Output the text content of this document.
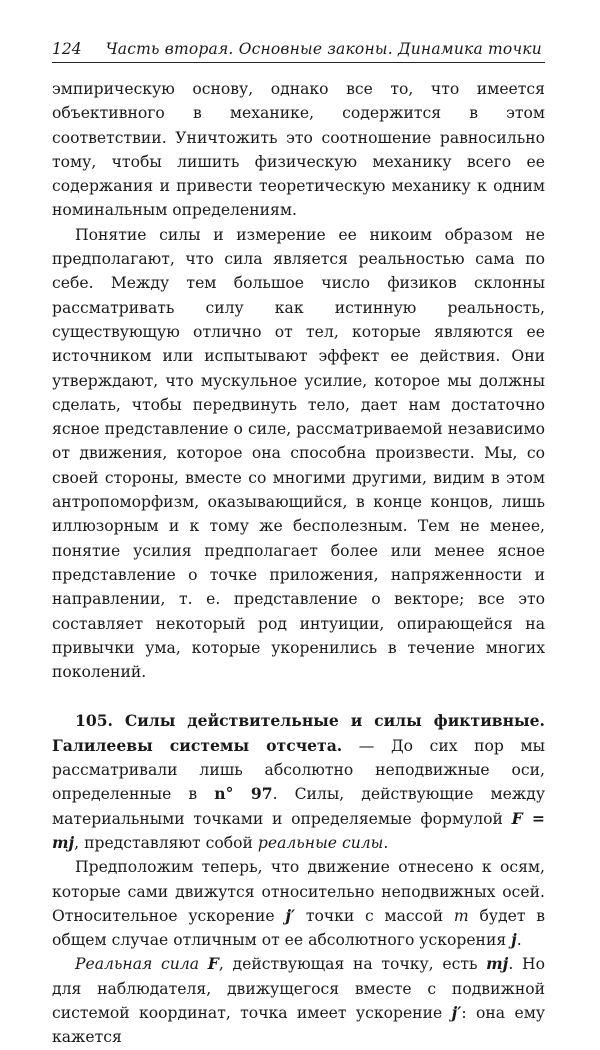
124 Часть вторая. Основные законы. Динамика точки

эмпирическую основу, однако все то, что имеется объективного в механике, содержится в этом соответствии. Уничтожить это соотношение равносильно тому, чтобы лишить физическую механику всего ее содержания и привести теоретическую механику к одним номинальным определениям.

Понятие силы и измерение ее никоим образом не предполагают, что сила является реальностью сама по себе. Между тем большое число физиков склонны рассматривать силу как истинную реальность, существующую отлично от тел, которые являются ее источником или испытывают эффект ее действия. Они утверждают, что мускульное усилие, которое мы должны сделать, чтобы передвинуть тело, дает нам достаточно ясное представление о силе, рассматриваемой независимо от движения, которое она способна произвести. Мы, со своей стороны, вместе со многими другими, видим в этом антропоморфизм, оказывающийся, в конце концов, лишь иллюзорным и к тому же бесполезным. Тем не менее, понятие усилия предполагает более или менее ясное представление о точке приложения, напряженности и направлении, т. е. представление о векторе; все это составляет некоторый род интуиции, опирающейся на привычки ума, которые укоренились в течение многих поколений.

105. Силы действительные и силы фиктивные. Галилеевы системы отсчета. — До сих пор мы рассматривали лишь абсолютно неподвижные оси, определенные в n° 97. Силы, действующие между материальными точками и определяемые формулой F = mj, представляют собой реальные силы.

Предположим теперь, что движение отнесено к осям, которые сами движутся относительно неподвижных осей. Относительное ускорение j′ точки с массой m будет в общем случае отличным от ее абсолютного ускорения j.

Реальная сила F, действующая на точку, есть mj. Но для наблюдателя, движущегося вместе с подвижной системой координат, точка имеет ускорение j′: она ему кажется
